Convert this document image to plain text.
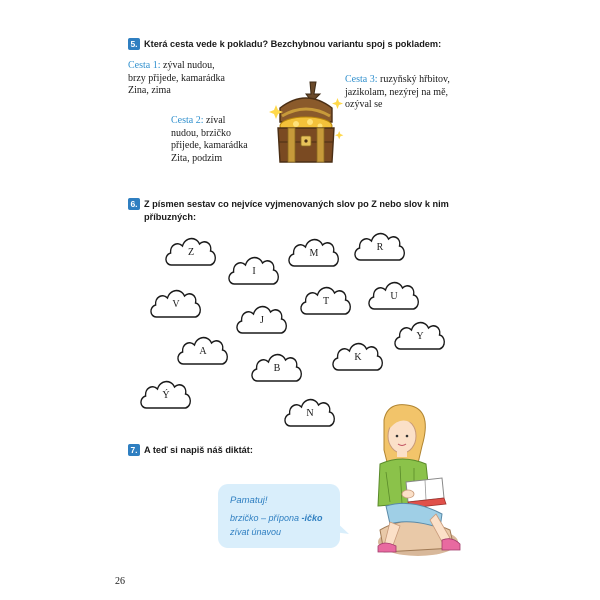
5. Která cesta vede k pokladu? Bezchybnou variantu spoj s pokladem:
Cesta 1: zýval nudou,
brzy přijede, kamarádka
Zina, zima
Cesta 2: zíval
nudou, brzičko
přijede, kamarádka
Zita, podzim
Cesta 3: ruzyňský hřbitov,
jazikolam, nezýrej na mě,
ozýval se
6. Z písmen sestav co nejvíce vyjmenovaných slov po Z nebo slov k nim
příbuzných:
Z
I
M
R
V
J
T	U
Y
A
B
K
Ý
N
7. A teď si napiš náš diktát:
Pamatuj!
brzičko – přípona -ičko
zívat únavou
26
